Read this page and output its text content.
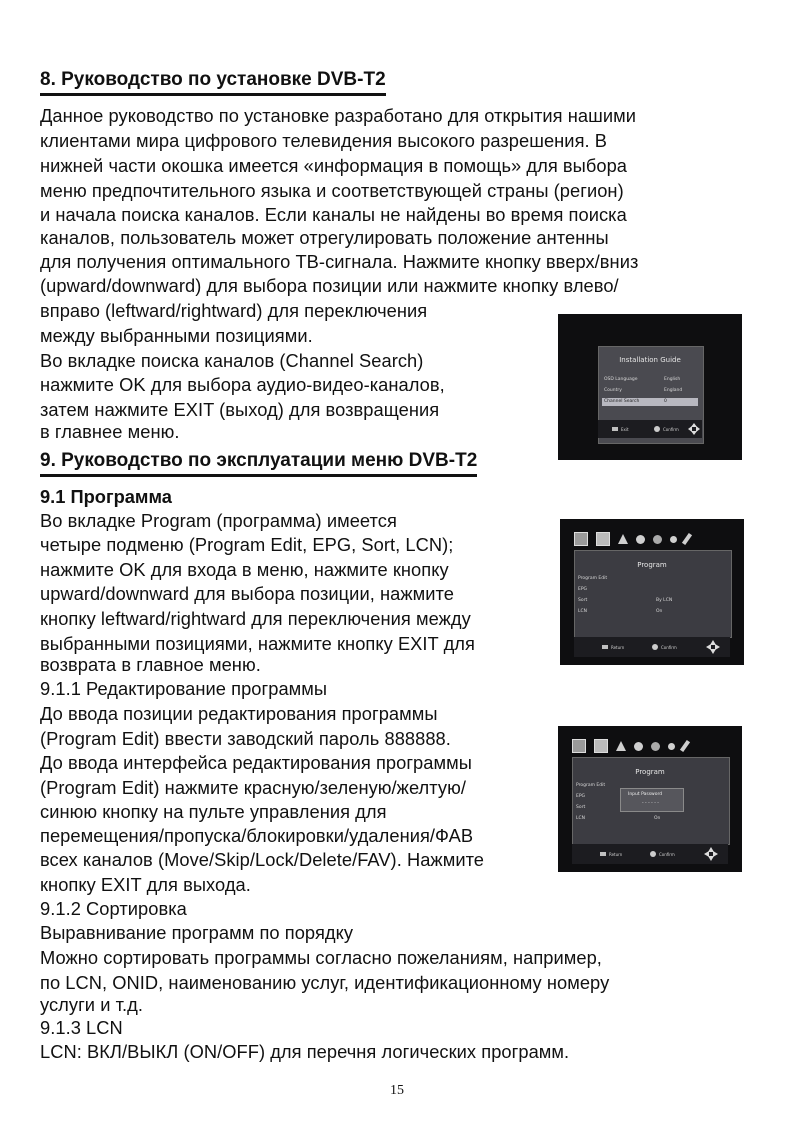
8. Руководство по установке DVB-T2
Данное руководство по установке разработано для открытия нашими
клиентами мира цифрового телевидения высокого разрешения. В
нижней части окошка имеется «информация в помощь» для выбора
меню предпочтительного языка и соответствующей страны (регион)
и начала поиска каналов. Если каналы не найдены во время поиска
каналов, пользователь может отрегулировать положение антенны
для получения оптимального ТВ-сигнала. Нажмите кнопку вверх/вниз
(upward/downward) для выбора позиции или нажмите кнопку влево/
вправо (leftward/rightward) для переключения
между выбранными позициями.
Во вкладке поиска каналов (Channel Search)
нажмите OK для выбора аудио-видео-каналов,
затем нажмите EXIT (выход) для возвращения
в главнее меню.
Installation Guide
OSD Language	English
Country	England
Channel Search	0
Exit	Confirm
9. Руководство по эксплуатации меню DVB-T2
9.1 Программа
Во вкладке Program (программа) имеется
четыре подменю (Program Edit, EPG, Sort, LCN);
нажмите OK для входа в меню, нажмите кнопку
upward/downward для выбора позиции, нажмите
кнопку leftward/rightward для переключения между
выбранными позициями, нажмите кнопку EXIT для
возврата в главное меню.
9.1.1 Редактирование программы
До ввода позиции редактирования программы
(Program Edit) ввести заводский пароль 888888.
До ввода интерфейса редактирования программы
(Program Edit) нажмите красную/зеленую/желтую/
синюю кнопку на пульте управления для
перемещения/пропуска/блокировки/удаления/ФАВ
всех каналов (Move/Skip/Lock/Delete/FAV). Нажмите
кнопку EXIT для выхода.
9.1.2 Сортировка
Выравнивание программ по порядку
Можно сортировать программы согласно пожеланиям, например,
по LCN, ONID, наименованию услуг, идентификационному номеру
услуги и т.д.
9.1.3 LCN
LCN: ВКЛ/ВЫКЛ (ON/OFF) для перечня логических программ.
Program
Program Edit
EPG
Sort	By LCN
LCN	On
Return	Confirm
Program
Program Edit
EPG
Sort
LCN	On
Input Password
- - - - - -
Return	Confirm
15
